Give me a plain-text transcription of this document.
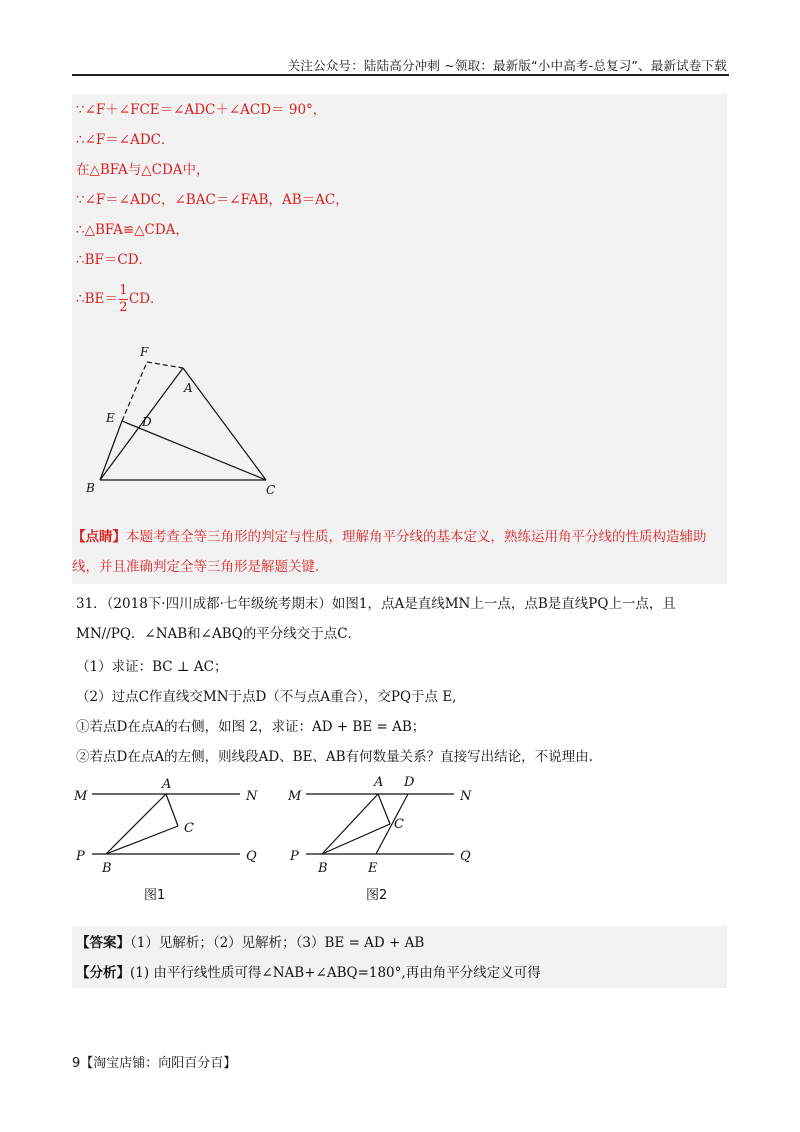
关注公众号：陆陆高分冲刺 ~领取：最新版“小中高考-总复习”、最新试卷下载
∵∠F＋∠FCE＝∠ADC＋∠ACD＝ 90°，
∴∠F＝∠ADC．
在△BFA与△CDA中，
∵∠F＝∠ADC，∠BAC＝∠FAB，AB＝AC，
∴△BFA≌△CDA，
∴BF＝CD．
∴BE＝ $\frac{1}{2}$ CD．
F
A
E D
B	C
【点睛】本题考查全等三角形的判定与性质，理解角平分线的基本定义，熟练运用角平分线的性质构造辅助线，并且准确判定全等三角形是解题关键．
31．（2018下·四川成都·七年级统考期末）如图1，点A是直线MN上一点，点B是直线PQ上一点，且
MN//PQ．∠NAB和∠ABQ的平分线交于点C．
（1）求证：BC ⊥ AC；
（2）过点C作直线交MN于点D（不与点A重合），交PQ于点 E,
①若点D在点A的右侧，如图 2，求证：AD + BE = AB；
②若点D在点A的左侧，则线段AD、BE、AB有何数量关系？直接写出结论，不说理由.
M	N
A
C
P
B
Q
图1
M	N
A D
C
P
B	E
Q
图2
【答案】（1）见解析；（2）见解析；（3）BE = AD + AB
【分析】(1) 由平行线性质可得∠NAB+∠ABQ=180°,再由角平分线定义可得
9【淘宝店铺：向阳百分百】
